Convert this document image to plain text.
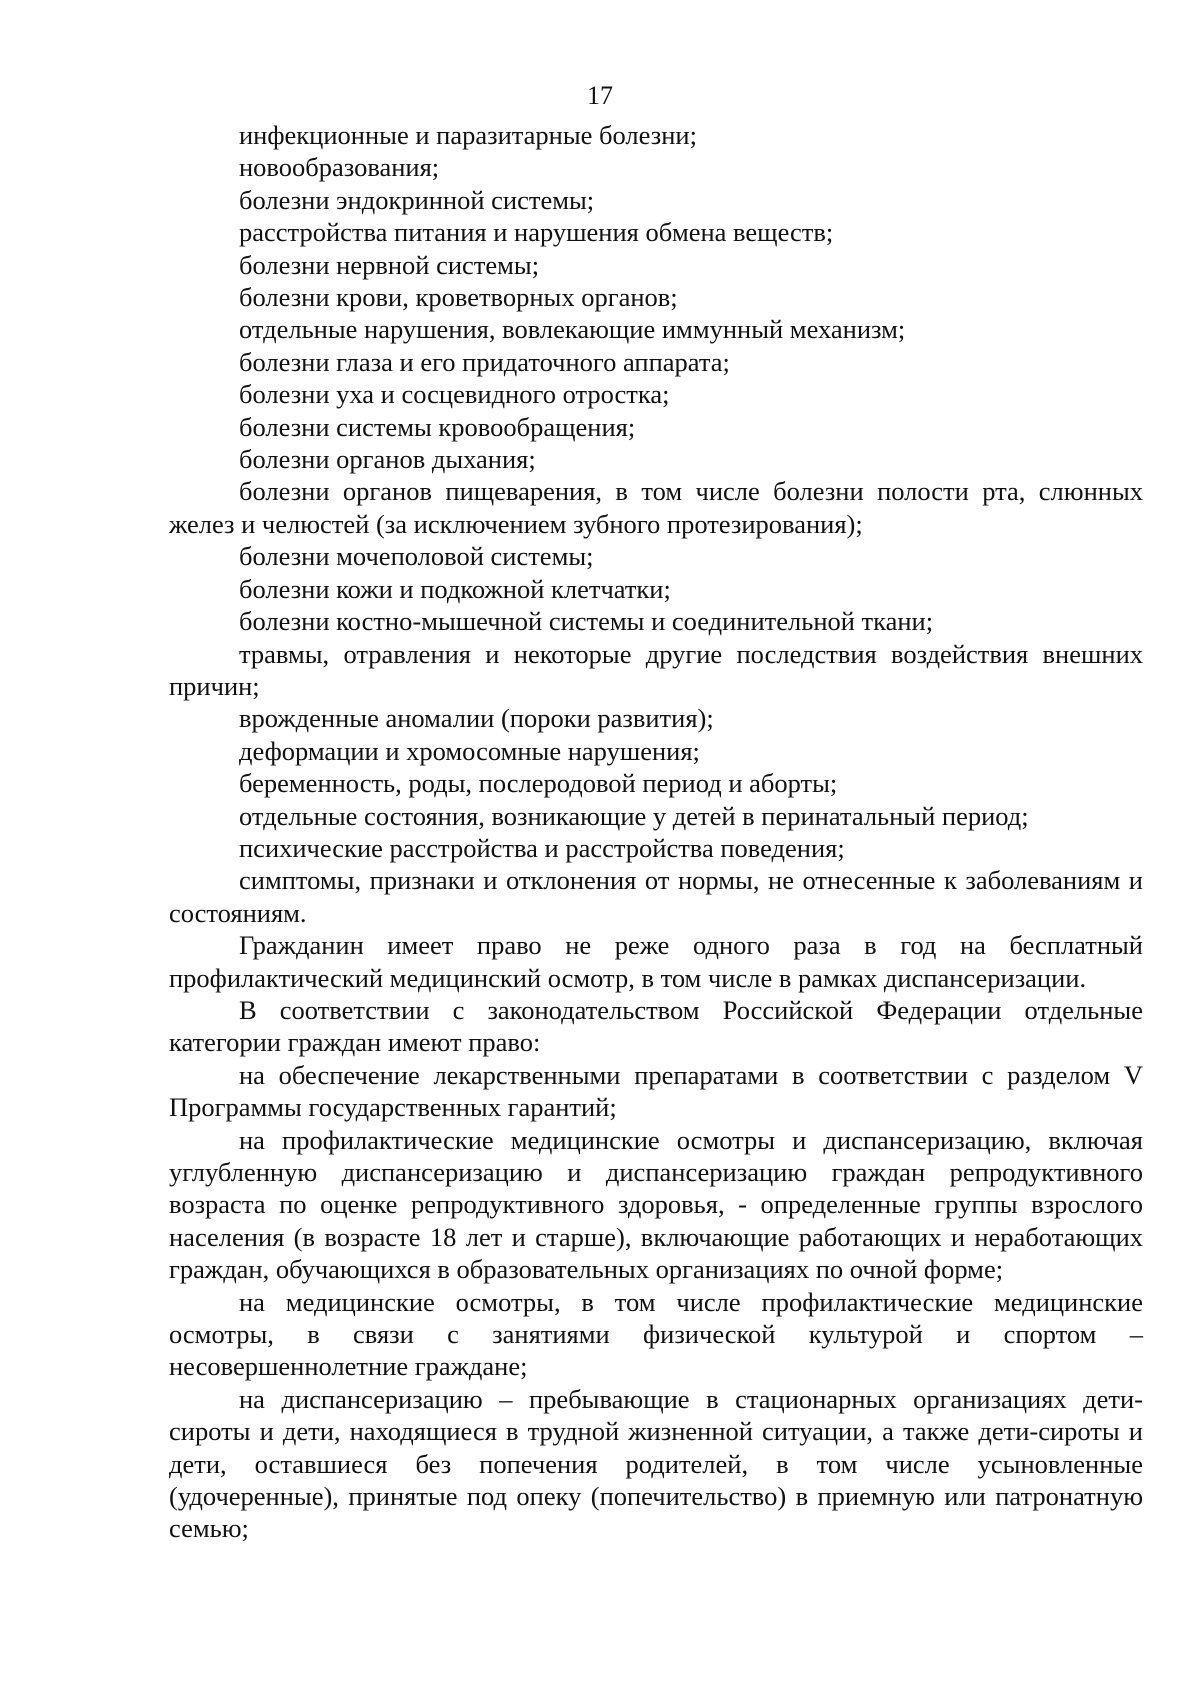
17

инфекционные и паразитарные болезни;

новообразования;

болезни эндокринной системы;

расстройства питания и нарушения обмена веществ;

болезни нервной системы;

болезни крови, кроветворных органов;

отдельные нарушения, вовлекающие иммунный механизм;

болезни глаза и его придаточного аппарата;

болезни уха и сосцевидного отростка;

болезни системы кровообращения;

болезни органов дыхания;

болезни органов пищеварения, в том числе болезни полости рта, слюнных желез и челюстей (за исключением зубного протезирования);

болезни мочеполовой системы;

болезни кожи и подкожной клетчатки;

болезни костно-мышечной системы и соединительной ткани;

травмы, отравления и некоторые другие последствия воздействия внешних причин;

врожденные аномалии (пороки развития);

деформации и хромосомные нарушения;

беременность, роды, послеродовой период и аборты;

отдельные состояния, возникающие у детей в перинатальный период;

психические расстройства и расстройства поведения;

симптомы, признаки и отклонения от нормы, не отнесенные к заболеваниям и состояниям.

Гражданин имеет право не реже одного раза в год на бесплатный профилактический медицинский осмотр, в том числе в рамках диспансеризации.

В соответствии с законодательством Российской Федерации отдельные категории граждан имеют право:

на обеспечение лекарственными препаратами в соответствии с разделом V Программы государственных гарантий;

на профилактические медицинские осмотры и диспансеризацию, включая углубленную диспансеризацию и диспансеризацию граждан репродуктивного возраста по оценке репродуктивного здоровья, - определенные группы взрослого населения (в возрасте 18 лет и старше), включающие работающих и неработающих граждан, обучающихся в образовательных организациях по очной форме;

на медицинские осмотры, в том числе профилактические медицинские осмотры, в связи с занятиями физической культурой и спортом – несовершеннолетние граждане;

на диспансеризацию – пребывающие в стационарных организациях дети-сироты и дети, находящиеся в трудной жизненной ситуации, а также дети-сироты и дети, оставшиеся без попечения родителей, в том числе усыновленные (удочеренные), принятые под опеку (попечительство) в приемную или патронатную семью;
